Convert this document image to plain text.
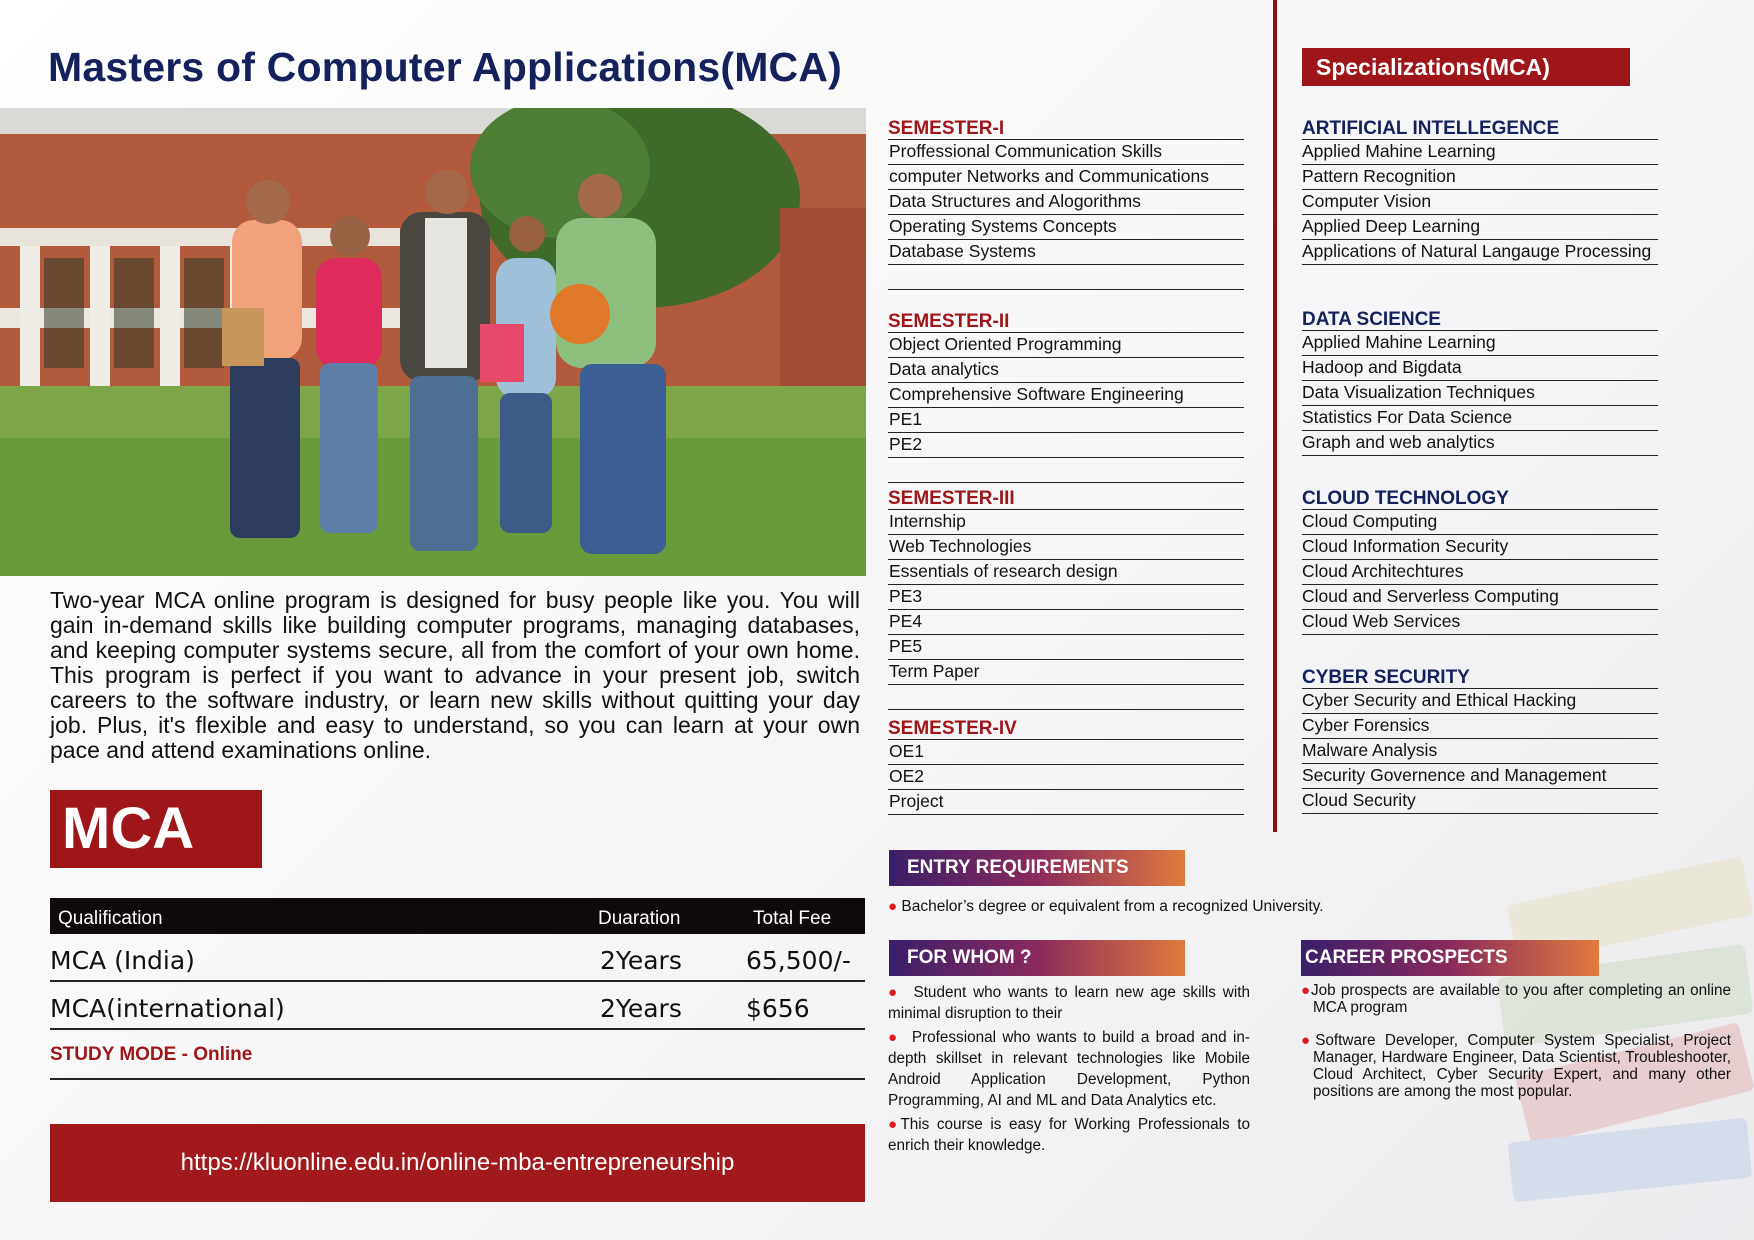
Masters of Computer Applications(MCA)

Two-year MCA online program is designed for busy people like you. You will gain in-demand skills like building computer programs, managing databases, and keeping computer systems secure, all from the comfort of your own home. This program is perfect if you want to advance in your present job, switch careers to the software industry, or learn new skills without quitting your day job. Plus, it's flexible and easy to understand, so you can learn at your own pace and attend examinations online.

MCA
Qualification	Duaration	Total Fee
MCA (India)	2Years	65,500/-
MCA(international)	2Years	$656
STUDY MODE - Online
https://kluonline.edu.in/online-mba-entrepreneurship
SEMESTER-I
Proffessional Communication Skills
computer Networks and Communications
Data Structures and Alogorithms
Operating Systems Concepts
Database Systems
SEMESTER-II
Object Oriented Programming
Data analytics
Comprehensive Software Engineering
PE1
PE2
SEMESTER-III
Internship
Web Technologies
Essentials of research design
PE3
PE4
PE5
Term Paper
SEMESTER-IV
OE1
OE2
Project
Specializations(MCA)
ARTIFICIAL INTELLEGENCE
Applied Mahine Learning
Pattern Recognition
Computer Vision
Applied Deep Learning
Applications of Natural Langauge Processing
DATA SCIENCE
Applied Mahine Learning
Hadoop and Bigdata
Data Visualization Techniques
Statistics For Data Science
Graph and web analytics
CLOUD TECHNOLOGY
Cloud Computing
Cloud Information Security
Cloud Architechtures
Cloud and Serverless Computing
Cloud Web Services
CYBER SECURITY
Cyber Security and Ethical Hacking
Cyber Forensics
Malware Analysis
Security Governence and Management
Cloud Security
ENTRY REQUIREMENTS
● Bachelor’s degree or equivalent from a recognized University.
FOR WHOM ?

● Student who wants to learn new age skills with minimal disruption to their

● Professional who wants to build a broad and in-depth skillset in relevant technologies like Mobile Android Application Development, Python Programming, AI and ML and Data Analytics etc.

●This course is easy for Working Professionals to enrich their knowledge.

CAREER PROSPECTS

●Job prospects are available to you after completing an online MCA program

●Software Developer, Computer System Specialist, Project Manager, Hardware Engineer, Data Scientist, Troubleshooter, Cloud Architect, Cyber Security Expert, and many other positions are among the most popular.
